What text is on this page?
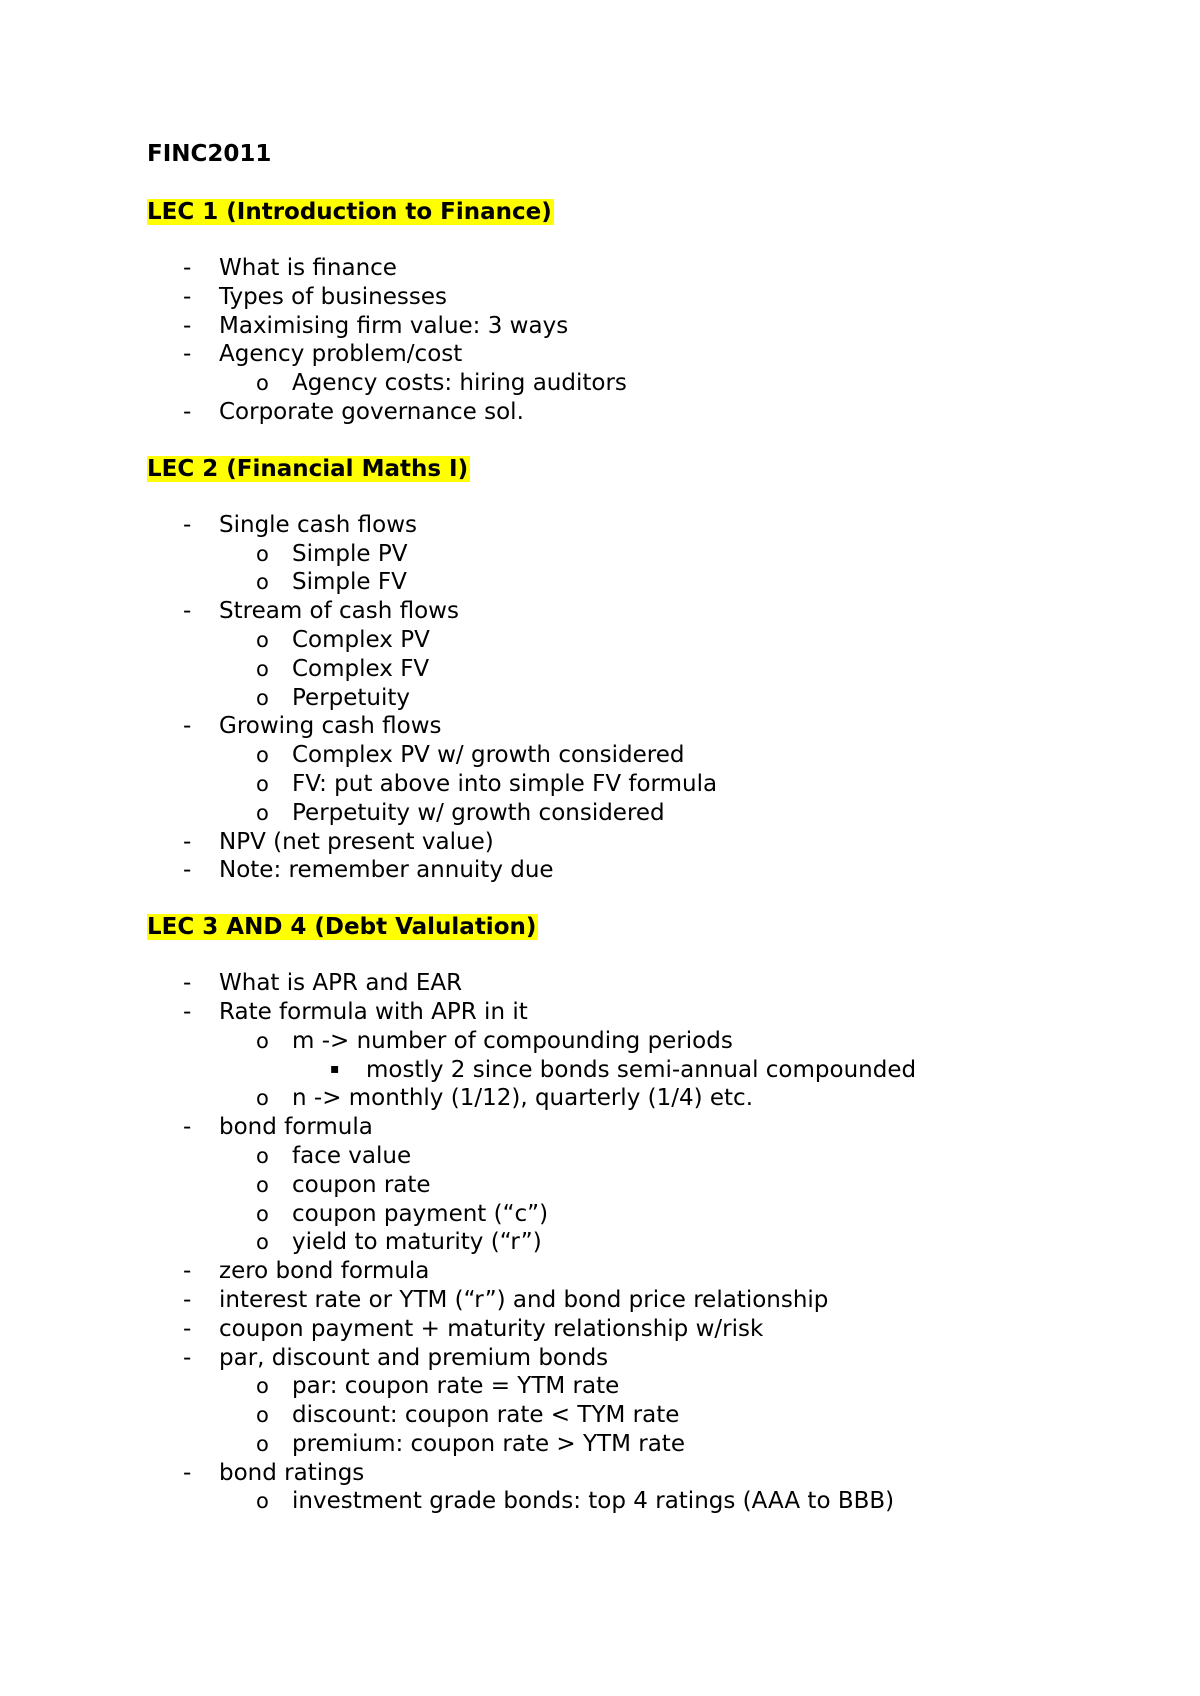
FINC2011
LEC 1 (Introduction to Finance)
- What is finance
- Types of businesses
- Maximising firm value: 3 ways
- Agency problem/cost
o Agency costs: hiring auditors
- Corporate governance sol.
LEC 2 (Financial Maths I)
- Single cash flows
o Simple PV
o Simple FV
- Stream of cash flows
o Complex PV
o Complex FV
o Perpetuity
- Growing cash flows
o Complex PV w/ growth considered
o FV: put above into simple FV formula
o Perpetuity w/ growth considered
- NPV (net present value)
- Note: remember annuity due
LEC 3 AND 4 (Debt Valulation)
- What is APR and EAR
- Rate formula with APR in it
o m -> number of compounding periods
▪ mostly 2 since bonds semi-annual compounded
o n -> monthly (1/12), quarterly (1/4) etc.
- bond formula
o face value
o coupon rate
o coupon payment (“c”)
o yield to maturity (“r”)
- zero bond formula
- interest rate or YTM (“r”) and bond price relationship
- coupon payment + maturity relationship w/risk
- par, discount and premium bonds
o par: coupon rate = YTM rate
o discount: coupon rate < TYM rate
o premium: coupon rate > YTM rate
- bond ratings
o investment grade bonds: top 4 ratings (AAA to BBB)
